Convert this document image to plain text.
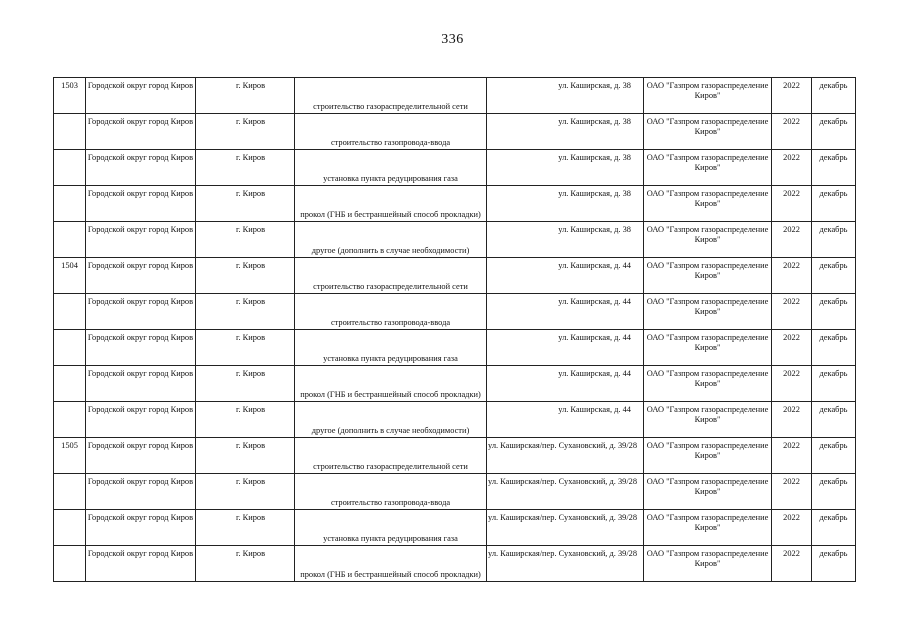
336
1503	Городской округ город Киров	г. Киров	строительство газораспределительной сети	ул. Каширская, д. 38	ОАО "Газпром газораспределение Киров"	2022	декабрь

	Городской округ город Киров	г. Киров	строительство газопровода-ввода	ул. Каширская, д. 38	ОАО "Газпром газораспределение Киров"	2022	декабрь

	Городской округ город Киров	г. Киров	установка пункта редуцирования газа	ул. Каширская, д. 38	ОАО "Газпром газораспределение Киров"	2022	декабрь

	Городской округ город Киров	г. Киров	прокол (ГНБ и бестраншейный способ прокладки)	ул. Каширская, д. 38	ОАО "Газпром газораспределение Киров"	2022	декабрь

	Городской округ город Киров	г. Киров	другое (дополнить в случае необходимости)	ул. Каширская, д. 38	ОАО "Газпром газораспределение Киров"	2022	декабрь

1504	Городской округ город Киров	г. Киров	строительство газораспределительной сети	ул. Каширская, д. 44	ОАО "Газпром газораспределение Киров"	2022	декабрь

	Городской округ город Киров	г. Киров	строительство газопровода-ввода	ул. Каширская, д. 44	ОАО "Газпром газораспределение Киров"	2022	декабрь

	Городской округ город Киров	г. Киров	установка пункта редуцирования газа	ул. Каширская, д. 44	ОАО "Газпром газораспределение Киров"	2022	декабрь

	Городской округ город Киров	г. Киров	прокол (ГНБ и бестраншейный способ прокладки)	ул. Каширская, д. 44	ОАО "Газпром газораспределение Киров"	2022	декабрь

	Городской округ город Киров	г. Киров	другое (дополнить в случае необходимости)	ул. Каширская, д. 44	ОАО "Газпром газораспределение Киров"	2022	декабрь

1505	Городской округ город Киров	г. Киров	строительство газораспределительной сети	ул. Каширская/пер. Сухановский, д. 39/28	ОАО "Газпром газораспределение Киров"	2022	декабрь

	Городской округ город Киров	г. Киров	строительство газопровода-ввода	ул. Каширская/пер. Сухановский, д. 39/28	ОАО "Газпром газораспределение Киров"	2022	декабрь

	Городской округ город Киров	г. Киров	установка пункта редуцирования газа	ул. Каширская/пер. Сухановский, д. 39/28	ОАО "Газпром газораспределение Киров"	2022	декабрь

	Городской округ город Киров	г. Киров	прокол (ГНБ и бестраншейный способ прокладки)	ул. Каширская/пер. Сухановский, д. 39/28	ОАО "Газпром газораспределение Киров"	2022	декабрь
